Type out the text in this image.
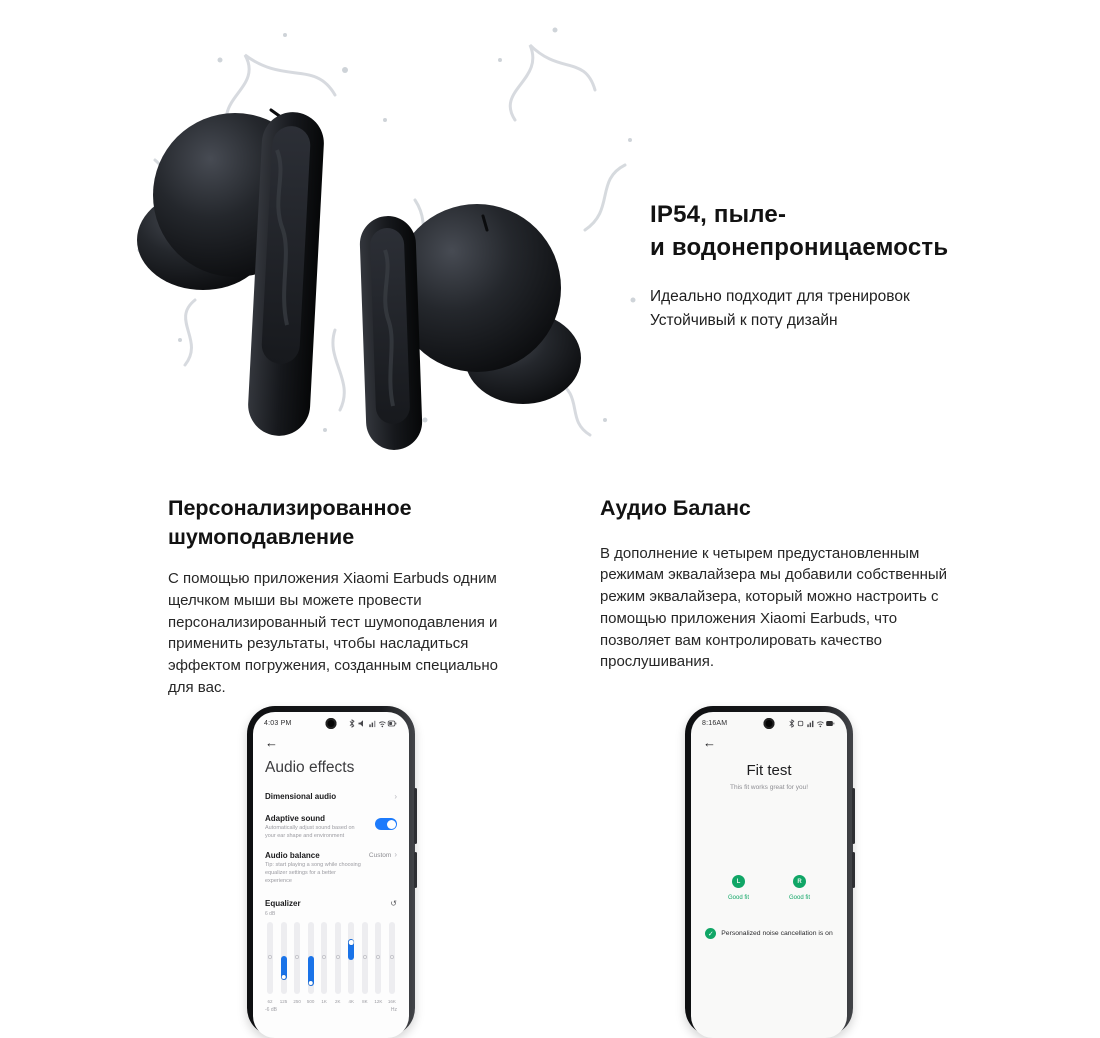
IP54, пыле-
и водонепроницаемость
Идеально подходит для тренировок
Устойчивый к поту дизайн
Персонализированное
шумоподавление
С помощью приложения Xiaomi Earbuds одним щелчком мыши вы можете провести персонализированный тест шумоподавления и применить результаты, чтобы насладиться эффектом погружения, созданным специально для вас.
Аудио Баланс
В дополнение к четырем предустановленным режимам эквалайзера мы добавили собственный режим эквалайзера, который можно настроить с помощью приложения Xiaomi Earbuds, что позволяет вам контролировать качество прослушивания.
4:03 PM
←
Audio effects
Dimensional audio	›
Adaptive sound
Automatically adjust sound based on your ear shape and environment
Audio balance
Tip: start playing a song while choosing equalizer settings for a better experience
Custom ›
Equalizer	↺
6 dB
62 125 250 500 1K 2K 4K 8K 12K 16K
-6 dB	Hz
8:16AM
←
Fit test
This fit works great for you!
L
Good fit
R
Good fit
✓	Personalized noise cancellation is on
